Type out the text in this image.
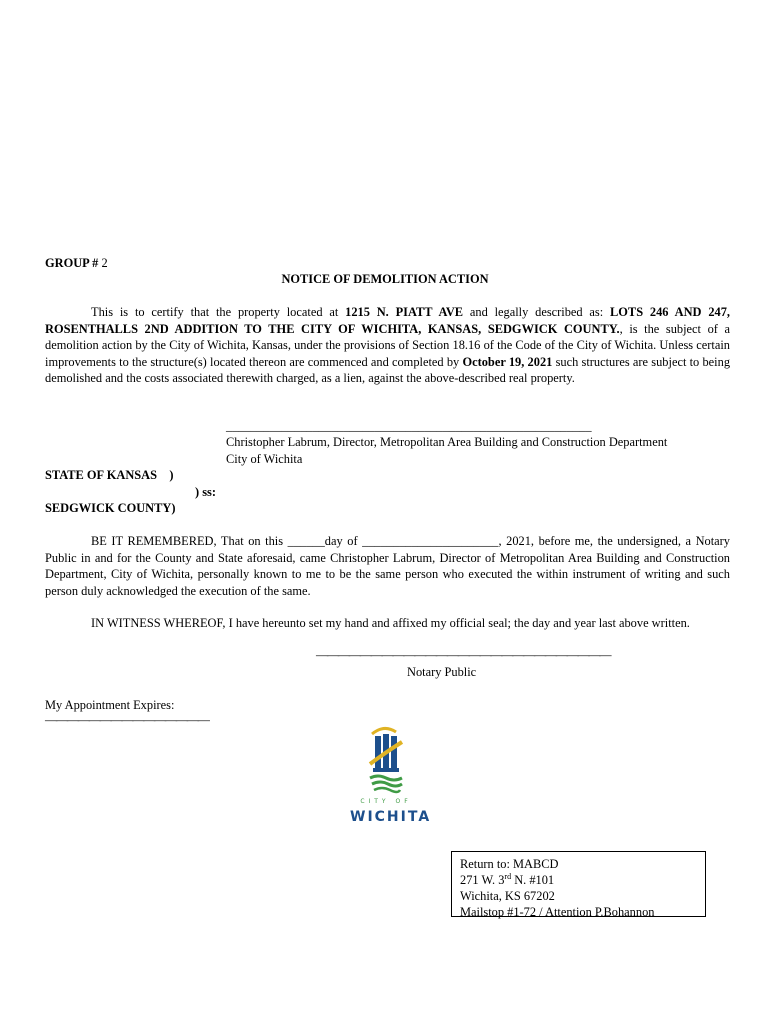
GROUP # 2
NOTICE OF DEMOLITION ACTION
This is to certify that the property located at 1215 N. PIATT AVE and legally described as: LOTS 246 AND 247, ROSENTHALLS 2ND ADDITION TO THE CITY OF WICHITA, KANSAS, SEDGWICK COUNTY., is the subject of a demolition action by the City of Wichita, Kansas, under the provisions of Section 18.16 of the Code of the City of Wichita. Unless certain improvements to the structure(s) located thereon are commenced and completed by October 19, 2021 such structures are subject to being demolished and the costs associated therewith charged, as a lien, against the above-described real property.
___________________________________________________________
Christopher Labrum, Director, Metropolitan Area Building and Construction Department
City of Wichita
STATE OF KANSAS    )
) ss:
SEDGWICK COUNTY)
BE IT REMEMBERED, That on this ______day of ______________________, 2021, before me, the undersigned, a Notary Public in and for the County and State aforesaid, came Christopher Labrum, Director of Metropolitan Area Building and Construction Department, City of Wichita, personally known to me to be the same person who executed the within instrument of writing and such person duly acknowledged the execution of the same.
IN WITNESS WHEREOF, I have hereunto set my hand and affixed my official seal; the day and year last above written.
———————————————————————————
Notary Public
My Appointment Expires:
———————————————
CITY OF
WICHITA
Return to: MABCD
271 W. 3rd N. #101
Wichita, KS 67202
Mailstop #1-72 / Attention P.Bohannon
